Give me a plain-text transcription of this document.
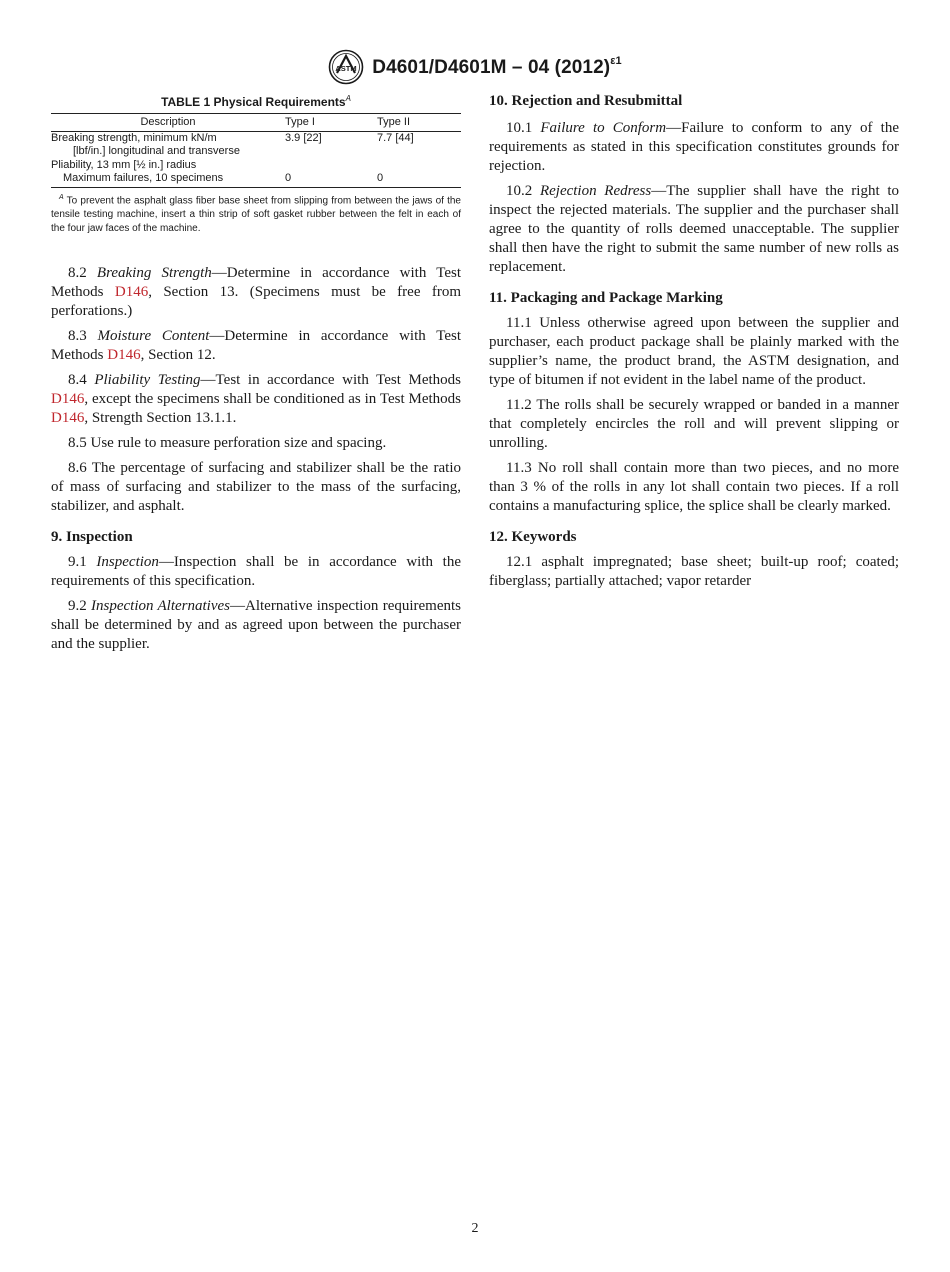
ASTM D4601/D4601M – 04 $(2012)^{\varepsilon 1}$
TABLE 1 Physical Requirements$^A$
Description	Type I	Type II

Breaking strength, minimum kN/m
[lbf/in.] longitudinal and transverse	3.9 [22]	7.7 [44]

Pliability, 13 mm [½ in.] radius
Maximum failures, 10 specimens	0	0

$^A$ To prevent the asphalt glass fiber base sheet from slipping from between the jaws of the tensile testing machine, insert a thin strip of soft gasket rubber between the felt in each of the four jaw faces of the machine.

8.2 Breaking Strength—Determine in accordance with Test Methods D146, Section 13. (Specimens must be free from perforations.)

8.3 Moisture Content—Determine in accordance with Test Methods D146, Section 12.

8.4 Pliability Testing—Test in accordance with Test Methods D146, except the specimens shall be conditioned as in Test Methods D146, Strength Section 13.1.1.

8.5 Use rule to measure perforation size and spacing.

8.6 The percentage of surfacing and stabilizer shall be the ratio of mass of surfacing and stabilizer to the mass of the surfacing, stabilizer, and asphalt.

9. Inspection

9.1 Inspection—Inspection shall be in accordance with the requirements of this specification.

9.2 Inspection Alternatives—Alternative inspection requirements shall be determined by and as agreed upon between the purchaser and the supplier.

10. Rejection and Resubmittal

10.1 Failure to Conform—Failure to conform to any of the requirements as stated in this specification constitutes grounds for rejection.

10.2 Rejection Redress—The supplier shall have the right to inspect the rejected materials. The supplier and the purchaser shall agree to the quantity of rolls deemed unacceptable. The supplier shall then have the right to submit the same number of new rolls as replacement.

11. Packaging and Package Marking

11.1 Unless otherwise agreed upon between the supplier and purchaser, each product package shall be plainly marked with the supplier’s name, the product brand, the ASTM designation, and type of bitumen if not evident in the label name of the product.

11.2 The rolls shall be securely wrapped or banded in a manner that completely encircles the roll and will prevent slipping or unrolling.

11.3 No roll shall contain more than two pieces, and no more than 3 % of the rolls in any lot shall contain two pieces. If a roll contains a manufacturing splice, the splice shall be clearly marked.

12. Keywords

12.1 asphalt impregnated; base sheet; built-up roof; coated; fiberglass; partially attached; vapor retarder

2
